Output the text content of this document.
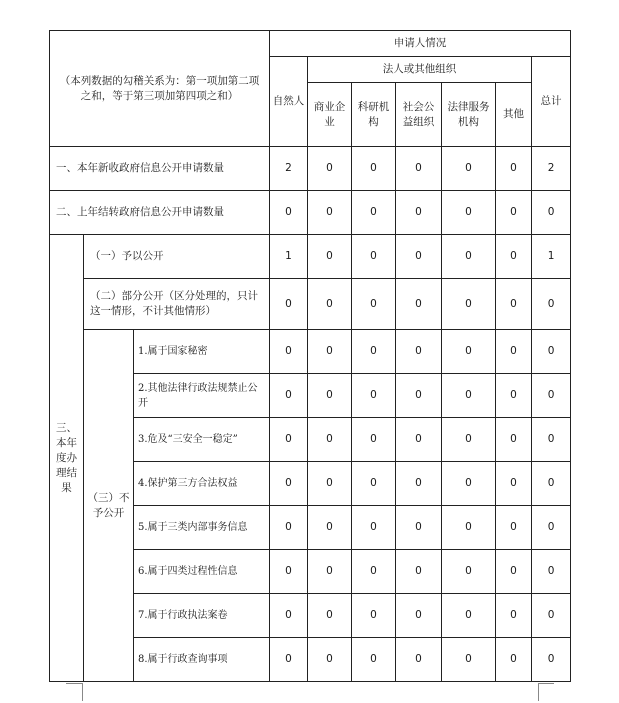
（本列数据的勾稽关系为：第一项加第二项之和，等于第三项加第四项之和）			申请人情况						
			自然人	法人或其他组织					总计
				商业企业	科研机构	社会公益组织	法律服务机构	其他	
一、本年新收政府信息公开申请数量			2	0	0	0	0	0	2
二、上年结转政府信息公开申请数量			0	0	0	0	0	0	0
三、本年度办理结果	（一）予以公开		1	0	0	0	0	0	1
	（二）部分公开（区分处理的，只计这一情形，不计其他情形）		0	0	0	0	0	0	0
	（三）不予公开	1.属于国家秘密	0	0	0	0	0	0	0
		2.其他法律行政法规禁止公开	0	0	0	0	0	0	0
		3.危及“三安全一稳定”	0	0	0	0	0	0	0
		4.保护第三方合法权益	0	0	0	0	0	0	0
		5.属于三类内部事务信息	0	0	0	0	0	0	0
		6.属于四类过程性信息	0	0	0	0	0	0	0
		7.属于行政执法案卷	0	0	0	0	0	0	0
		8.属于行政查询事项	0	0	0	0	0	0	0
